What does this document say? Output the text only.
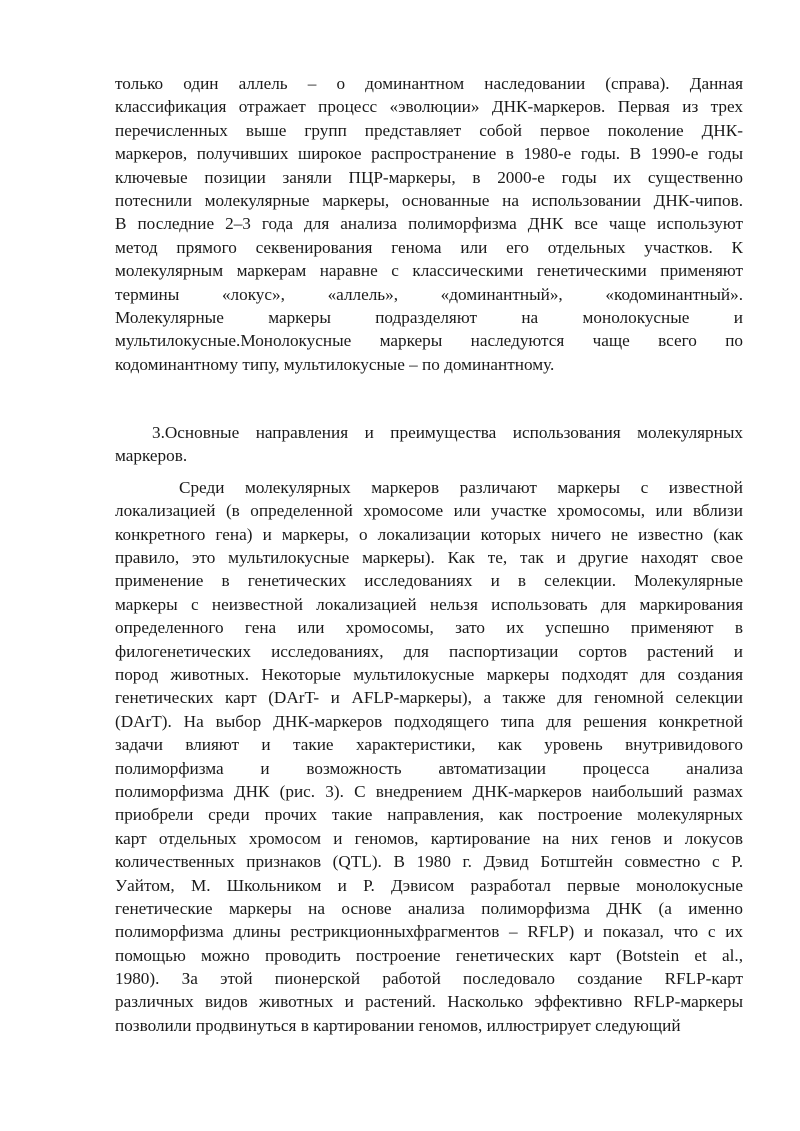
только один аллель – о доминантном наследовании (справа). Данная
классификация отражает процесс «эволюции» ДНК-маркеров. Первая из трех
перечисленных выше групп представляет собой первое поколение ДНК-
маркеров, получивших широкое распространение в 1980-е годы. В 1990-е годы
ключевые позиции заняли ПЦР-маркеры, в 2000-е годы их существенно
потеснили молекулярные маркеры, основанные на использовании ДНК-чипов.
В последние 2–3 года для анализа полиморфизма ДНК все чаще используют
метод прямого секвенирования генома или его отдельных участков. К
молекулярным маркерам наравне с классическими генетическими применяют
термины «локус», «аллель», «доминантный», «кодоминантный».
Молекулярные маркеры подразделяют на монолокусные и
мультилокусные.Монолокусные маркеры наследуются чаще всего по
кодоминантному типу, мультилокусные – по доминантному.
3.Основные направления и преимущества использования молекулярных
маркеров.
Среди молекулярных маркеров различают маркеры с известной
локализацией (в определенной хромосоме или участке хромосомы, или вблизи
конкретного гена) и маркеры, о локализации которых ничего не известно (как
правило, это мультилокусные маркеры). Как те, так и другие находят свое
применение в генетических исследованиях и в селекции. Молекулярные
маркеры с неизвестной локализацией нельзя использовать для маркирования
определенного гена или хромосомы, зато их успешно применяют в
филогенетических исследованиях, для паспортизации сортов растений и
пород животных. Некоторые мультилокусные маркеры подходят для создания
генетических карт (DArT- и AFLP-маркеры), а также для геномной селекции
(DArT). На выбор ДНК-маркеров подходящего типа для решения конкретной
задачи влияют и такие характеристики, как уровень внутривидового
полиморфизма и возможность автоматизации процесса анализа
полиморфизма ДНК (рис. 3). С внедрением ДНК-маркеров наибольший размах
приобрели среди прочих такие направления, как построение молекулярных
карт отдельных хромосом и геномов, картирование на них генов и локусов
количественных признаков (QTL). В 1980 г. Дэвид Ботштейн совместно с Р.
Уайтом, М. Школьником и Р. Дэвисом разработал первые монолокусные
генетические маркеры на основе анализа полиморфизма ДНК (а именно
полиморфизма длины рестрикционныхфрагментов – RFLP) и показал, что с их
помощью можно проводить построение генетических карт (Botstein et al.,
1980). За этой пионерской работой последовало создание RFLP-карт
различных видов животных и растений. Насколько эффективно RFLP-маркеры
позволили продвинуться в картировании геномов, иллюстрирует следующий
